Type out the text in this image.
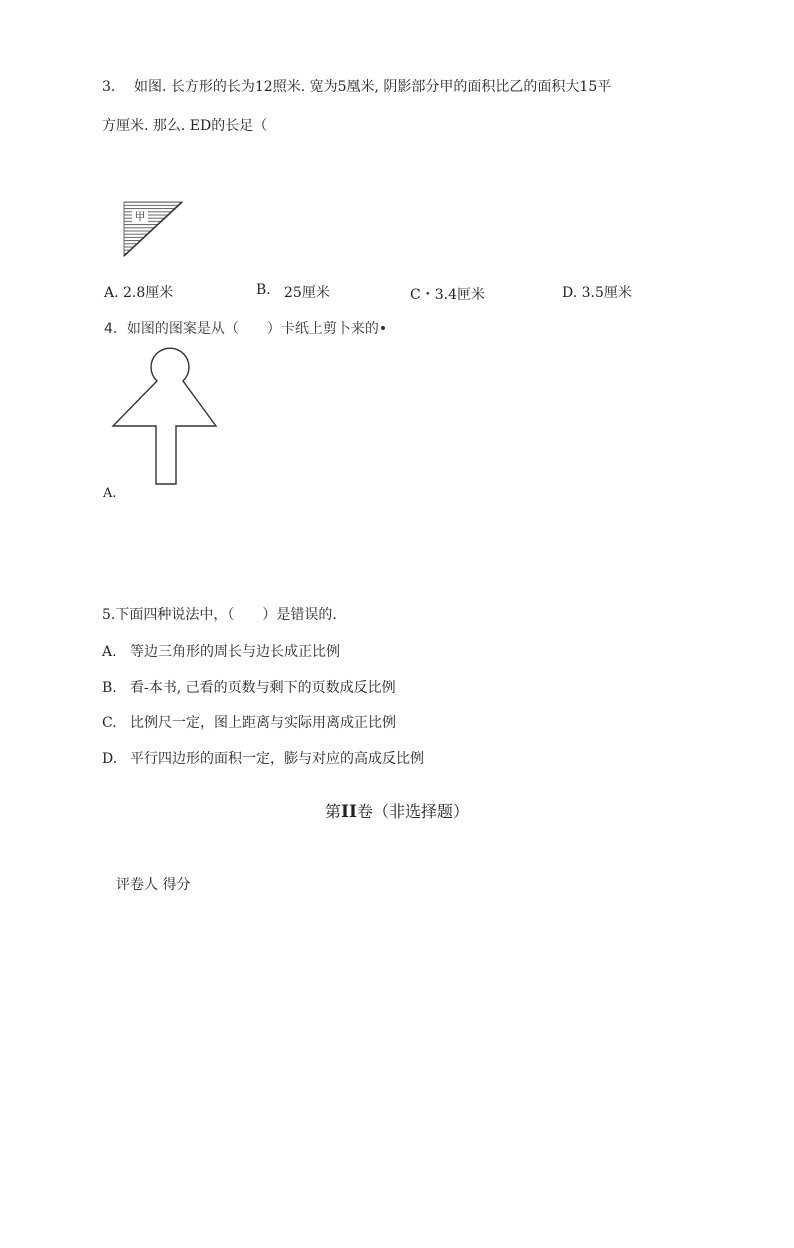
3. 如图. 长方形的长为12照米. 宽为5凰米, 阴影部分甲的面积比乙的面积大15平
方厘米. 那么. ED的长足（
甲
A. 2.8厘米	B. 25厘米	C・3.4匣米	D. 3.5厘米
4．如图的图案是从（　　）卡纸上剪卜来的•
A.
5.下面四种说法中，（　　）是错误的.
A. 等边三角形的周长与边长成正比例
B. 看-本书, 己看的页数与剩下的页数成反比例
C. 比例尺一定，图上距离与实际用离成正比例
D. 平行四边形的面积一定，膨与对应的高成反比例
第II卷（非选择题）
评卷人 得分
